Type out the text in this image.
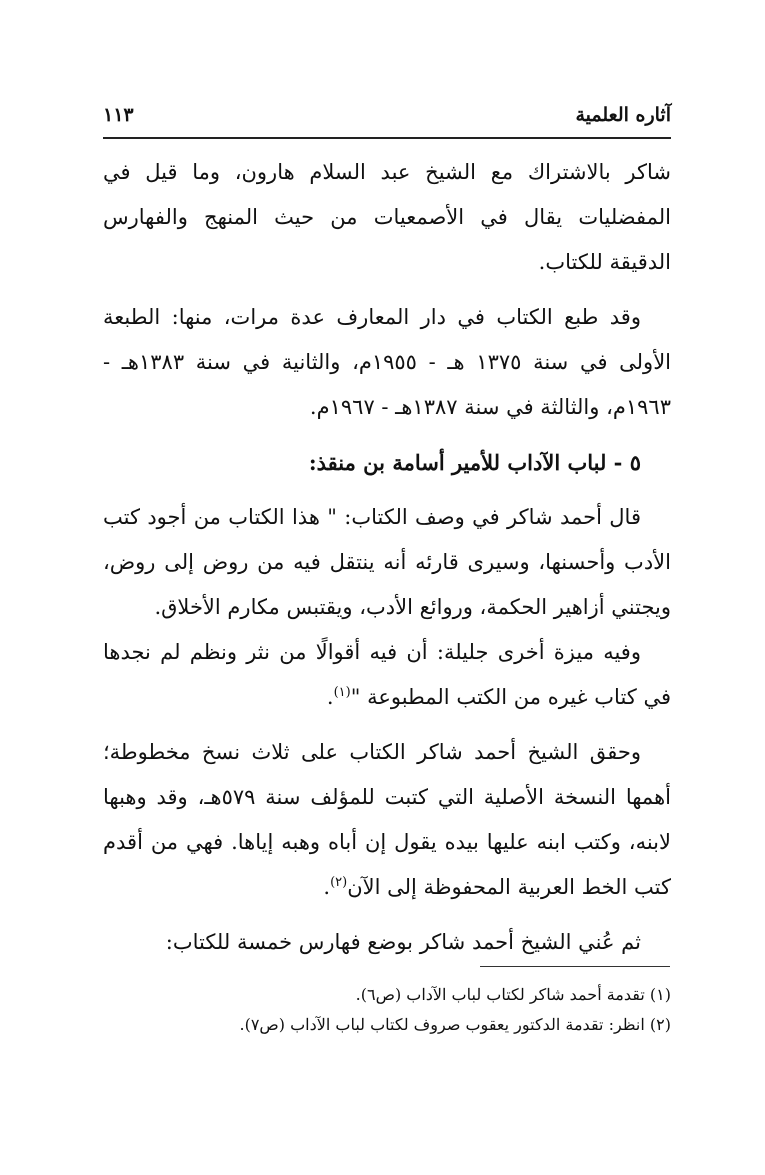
آثاره العلمية
١١٣

شاكر بالاشتراك مع الشيخ عبد السلام هارون، وما قيل في المفضليات يقال في الأصمعيات من حيث المنهج والفهارس الدقيقة للكتاب.

وقد طبع الكتاب في دار المعارف عدة مرات، منها: الطبعة الأولى في سنة ١٣٧٥ هـ - ١٩٥٥م، والثانية في سنة ١٣٨٣هـ - ١٩٦٣م، والثالثة في سنة ١٣٨٧هـ - ١٩٦٧م.

٥ - لباب الآداب للأمير أسامة بن منقذ:

قال أحمد شاكر في وصف الكتاب: " هذا الكتاب من أجود كتب الأدب وأحسنها، وسيرى قارئه أنه ينتقل فيه من روض إلى روض، ويجتني أزاهير الحكمة، وروائع الأدب، ويقتبس مكارم الأخلاق.

وفيه ميزة أخرى جليلة: أن فيه أقوالًا من نثر ونظم لم نجدها في كتاب غيره من الكتب المطبوعة "$^{(١)}$.

وحقق الشيخ أحمد شاكر الكتاب على ثلاث نسخ مخطوطة؛ أهمها النسخة الأصلية التي كتبت للمؤلف سنة ٥٧٩هـ، وقد وهبها لابنه، وكتب ابنه عليها بيده يقول إن أباه وهبه إياها. فهي من أقدم كتب الخط العربية المحفوظة إلى الآن$^{(٢)}$.

ثم عُني الشيخ أحمد شاكر بوضع فهارس خمسة للكتاب:

(١) تقدمة أحمد شاكر لكتاب لباب الآداب (ص٦).

(٢) انظر: تقدمة الدكتور يعقوب صروف لكتاب لباب الآداب (ص٧).
